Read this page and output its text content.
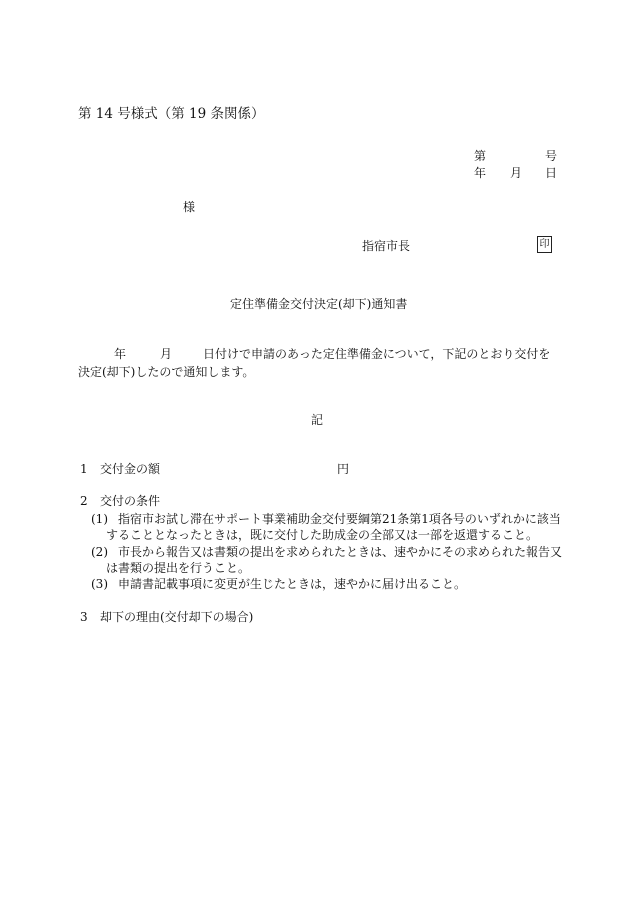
第 14 号様式（第 19 条関係）
第	号
年 月 日
様
指宿市長	印
定住準備金交付決定(却下)通知書
年	月	日付けで申請のあった定住準備金について，下記のとおり交付を
決定(却下)したので通知します。
記
1 交付金の額	円
2 交付の条件
(1) 指宿市お試し滞在サポート事業補助金交付要綱第21条第1項各号のいずれかに該当
することとなったときは，既に交付した助成金の全部又は一部を返還すること。
(2) 市長から報告又は書類の提出を求められたときは、速やかにその求められた報告又
は書類の提出を行うこと。
(3) 申請書記載事項に変更が生じたときは，速やかに届け出ること。
3 却下の理由(交付却下の場合)
